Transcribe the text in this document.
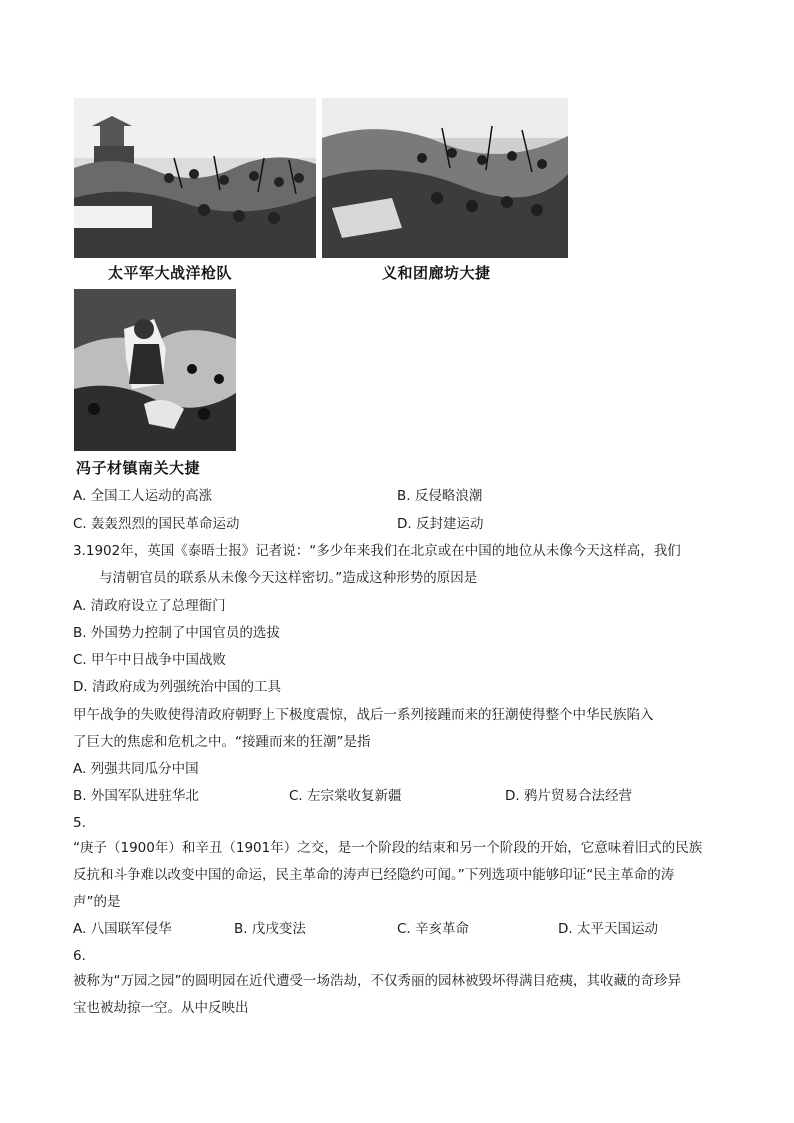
太平军大战洋枪队	义和团廊坊大捷
冯子材镇南关大捷
A. 全国工人运动的高涨	B. 反侵略浪潮
C. 轰轰烈烈的国民革命运动	D. 反封建运动
3.1902年，英国《泰晤士报》记者说：“多少年来我们在北京或在中国的地位从未像今天这样高，我们
与清朝官员的联系从未像今天这样密切。”造成这种形势的原因是
A. 清政府设立了总理衙门
B. 外国势力控制了中国官员的选拔
C. 甲午中日战争中国战败
D. 清政府成为列强统治中国的工具
甲午战争的失败使得清政府朝野上下极度震惊，战后一系列接踵而来的狂潮使得整个中华民族陷入
了巨大的焦虑和危机之中。“接踵而来的狂潮”是指
A. 列强共同瓜分中国
B. 外国军队进驻华北	C. 左宗棠收复新疆	D. 鸦片贸易合法经营
5.
“庚子（1900年）和辛丑（1901年）之交，是一个阶段的结束和另一个阶段的开始，它意味着旧式的民族
反抗和斗争难以改变中国的命运，民主革命的涛声已经隐约可闻。”下列选项中能够印证“民主革命的涛
声”的是
A. 八国联军侵华	B. 戊戌变法	C. 辛亥革命	D. 太平天国运动
6.
被称为“万园之园”的圆明园在近代遭受一场浩劫，不仅秀丽的园林被毁坏得满目疮痍，其收藏的奇珍异
宝也被劫掠一空。从中反映出
